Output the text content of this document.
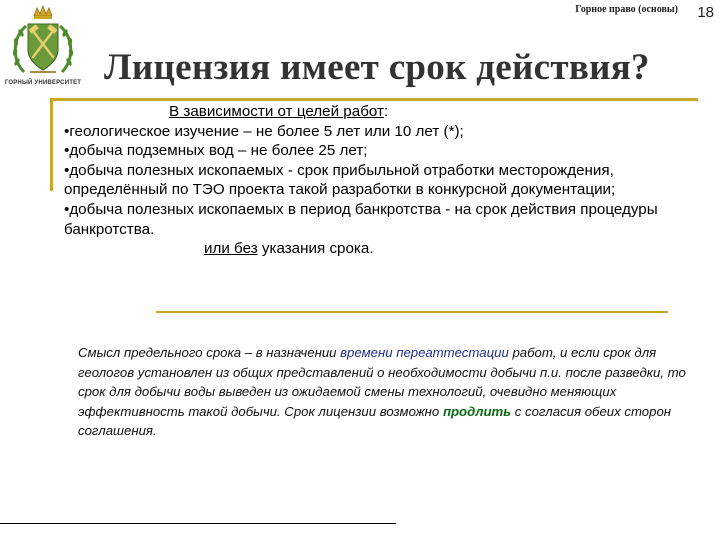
ГОРНЫЙ УНИВЕРСИТЕТ
Горное право (основы) 18
Лицензия имеет срок действия?

В зависимости от целей работ:

•геологическое изучение – не более 5 лет или 10 лет (*);

•добыча подземных вод – не более 25 лет;

•добыча полезных ископаемых - срок прибыльной отработки месторождения, определённый по ТЭО проекта такой разработки в конкурсной документации;

•добыча полезных ископаемых в период банкротства - на срок действия процедуры банкротства.

или без указания срока.

Смысл предельного срока – в назначении времени переаттестации работ, и если срок для геологов установлен из общих представлений о необходимости добычи п.и. после разведки, то срок для добычи воды выведен из ожидаемой смены технологий, очевидно меняющих эффективность такой добычи. Срок лицензии возможно продлить с согласия обеих сторон соглашения.
